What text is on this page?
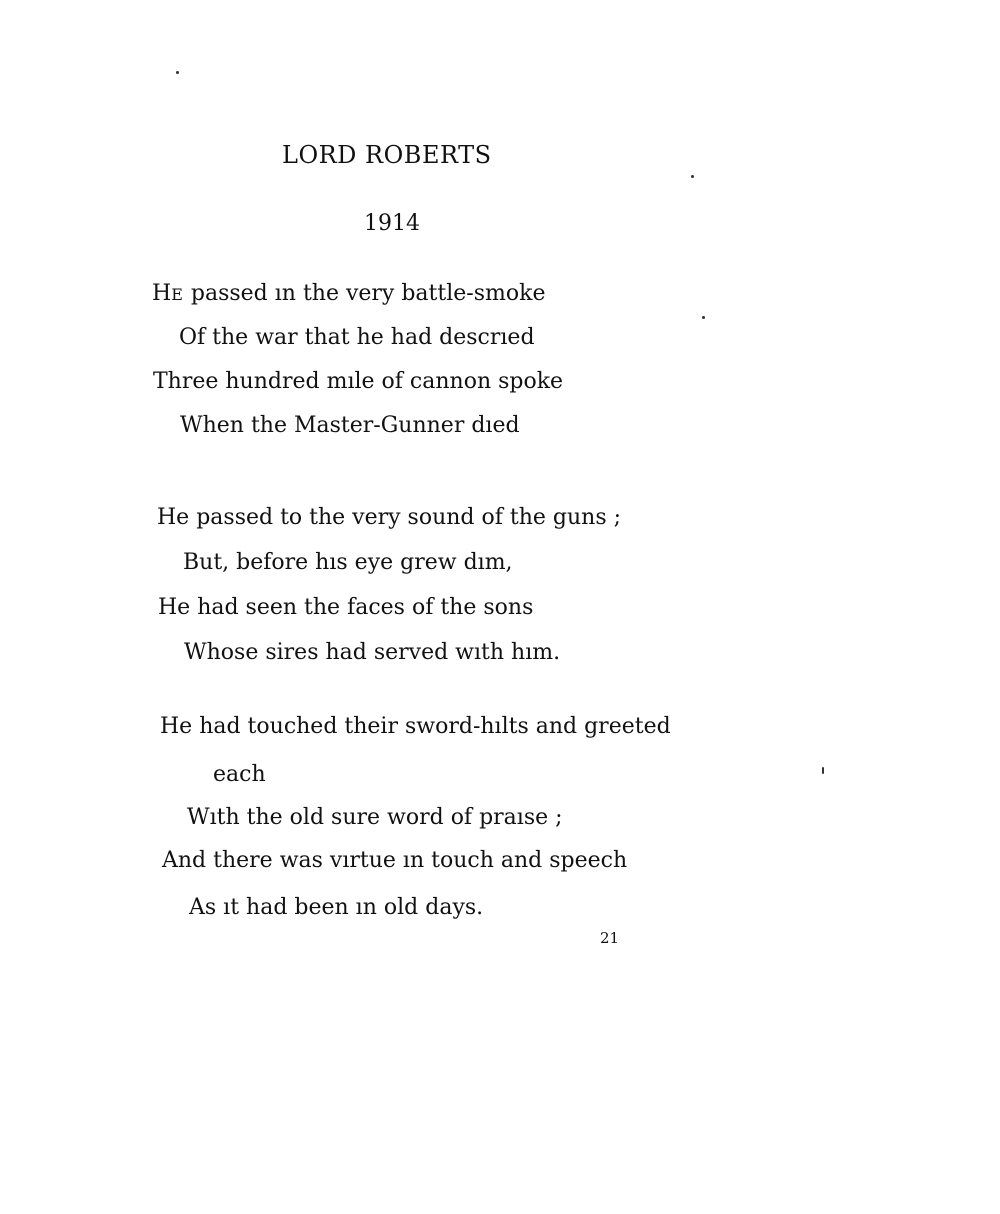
LORD ROBERTS
1914
HE passed ın the very battle-smoke
Of the war that he had descrıed
Three hundred mıle of cannon spoke
When the Master-Gunner dıed
He passed to the very sound of the guns ;
But, before hıs eye grew dım,
He had seen the faces of the sons
Whose sires had served wıth hım.
He had touched their sword-hılts and greeted
each
Wıth the old sure word of praıse ;
And there was vırtue ın touch and speech
As ıt had been ın old days.
21
